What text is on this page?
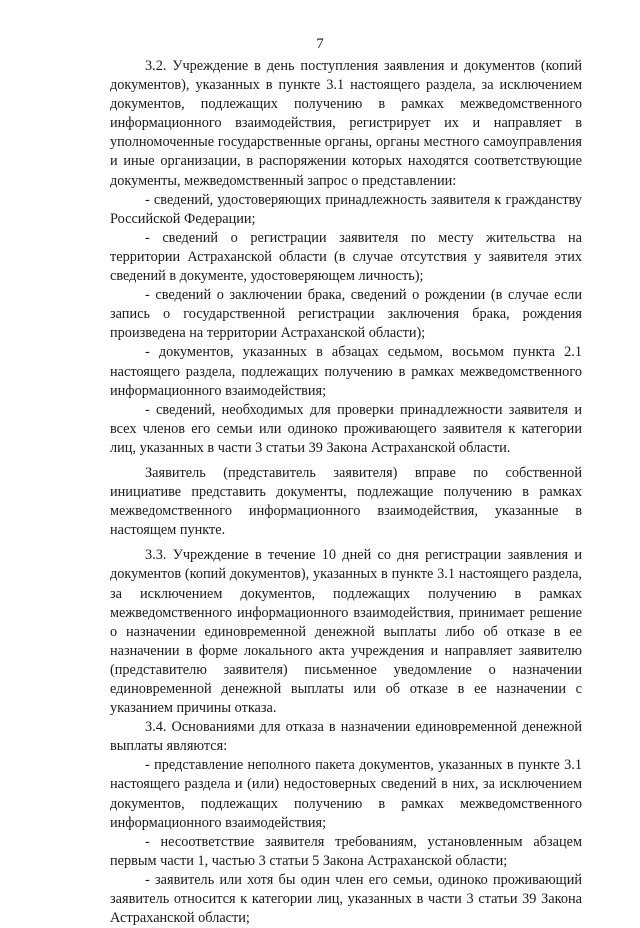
7

3.2. Учреждение в день поступления заявления и документов (копий документов), указанных в пункте 3.1 настоящего раздела, за исключением документов, подлежащих получению в рамках межведомственного информационного взаимодействия, регистрирует их и направляет в уполномоченные государственные органы, органы местного самоуправления и иные организации, в распоряжении которых находятся соответствующие документы, межведомственный запрос о представлении:

- сведений, удостоверяющих принадлежность заявителя к гражданству Российской Федерации;

- сведений о регистрации заявителя по месту жительства на территории Астраханской области (в случае отсутствия у заявителя этих сведений в документе, удостоверяющем личность);

- сведений о заключении брака, сведений о рождении (в случае если запись о государственной регистрации заключения брака, рождения произведена на территории Астраханской области);

- документов, указанных в абзацах седьмом, восьмом пункта 2.1 настоящего раздела, подлежащих получению в рамках межведомственного информационного взаимодействия;

- сведений, необходимых для проверки принадлежности заявителя и всех членов его семьи или одиноко проживающего заявителя к категории лиц, указанных в части 3 статьи 39 Закона Астраханской области.

Заявитель (представитель заявителя) вправе по собственной инициативе представить документы, подлежащие получению в рамках межведомственного информационного взаимодействия, указанные в настоящем пункте.

3.3. Учреждение в течение 10 дней со дня регистрации заявления и документов (копий документов), указанных в пункте 3.1 настоящего раздела, за исключением документов, подлежащих получению в рамках межведомственного информационного взаимодействия, принимает решение о назначении единовременной денежной выплаты либо об отказе в ее назначении в форме локального акта учреждения и направляет заявителю (представителю заявителя) письменное уведомление о назначении единовременной денежной выплаты или об отказе в ее назначении с указанием причины отказа.

3.4. Основаниями для отказа в назначении единовременной денежной выплаты являются:

- представление неполного пакета документов, указанных в пункте 3.1 настоящего раздела и (или) недостоверных сведений в них, за исключением документов, подлежащих получению в рамках межведомственного информационного взаимодействия;

- несоответствие заявителя требованиям, установленным абзацем первым части 1, частью 3 статьи 5 Закона Астраханской области;

- заявитель или хотя бы один член его семьи, одиноко проживающий заявитель относится к категории лиц, указанных в части 3 статьи 39 Закона Астраханской области;
